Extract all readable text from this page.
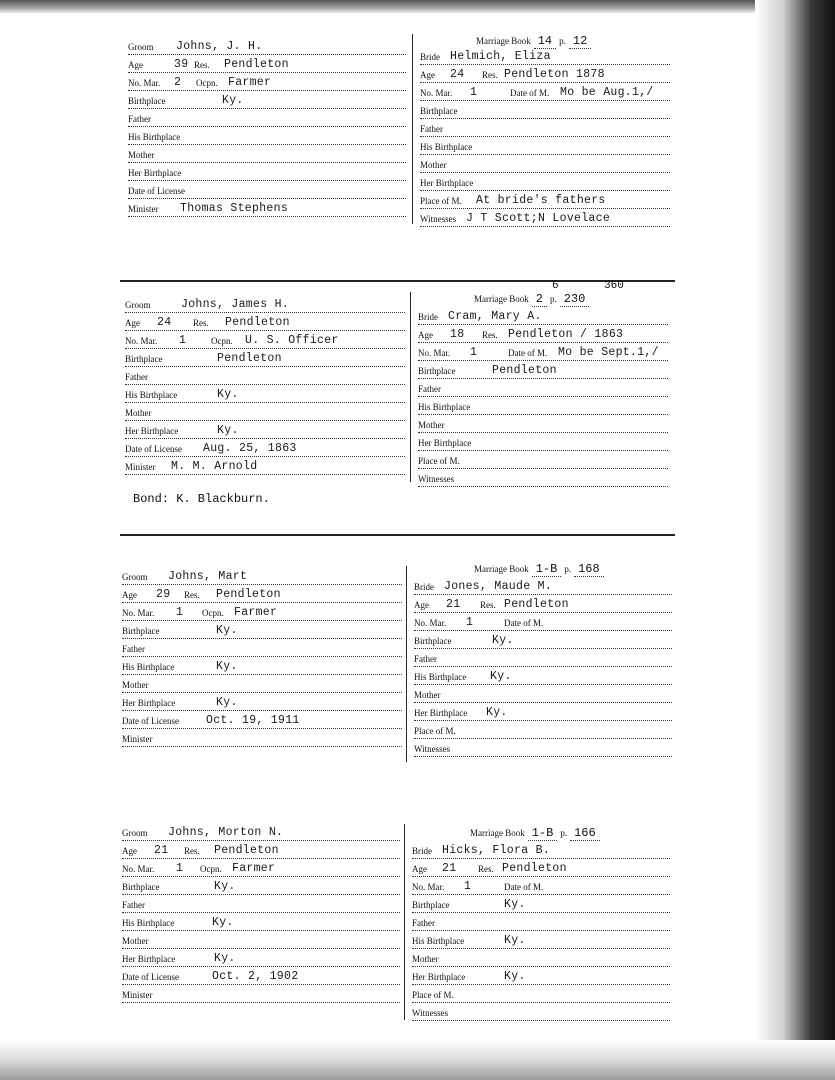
Groom Johns, J. H.
Age	39 Res. Pendleton
No. Mar. 2 Ocpn. Farmer
Birthplace	Ky.
Father
His Birthplace
Mother
Her Birthplace
Date of License
Minister Thomas Stephens
Marriage Book 14 p. 12
Bride Helmich, Eliza
Age 24 Res. Pendleton 1878
No. Mar. 1	Date of M. Mo be Aug.1,/
Birthplace
Father
His Birthplace
Mother
Her Birthplace
Place of M. At bride's fathers
Witnesses J T Scott;N Lovelace
Groom	Johns, James H.
Age 24 Res. Pendleton
No. Mar. 1	Ocpn. U. S. Officer
Birthplace	Pendleton
Father
His Birthplace	Ky.
Mother
Her Birthplace	Ky.
Date of License Aug. 25, 1863
Minister M. M. Arnold
Bond: K. Blackburn.
6	360
Marriage Book 2 p. 230
Bride Cram, Mary A.
Age 18 Res. Pendleton / 1863
No. Mar. 1	Date of M. Mo be Sept.1,/
Birthplace	Pendleton
Father
His Birthplace
Mother
Her Birthplace
Place of M.
Witnesses
Groom Johns, Mart
Age 29 Res. Pendleton
No. Mar. 1 Ocpn. Farmer
Birthplace	Ky.
Father
His Birthplace	Ky.
Mother
Her Birthplace	Ky.
Date of License Oct. 19, 1911
Minister
Marriage Book 1-B p. 168
Bride Jones, Maude M.
Age 21 Res. Pendleton
No. Mar. 1	Date of M.
Birthplace	Ky.
Father
His Birthplace Ky.
Mother
Her Birthplace Ky.
Place of M.
Witnesses
Groom Johns, Morton N.
Age 21 Res. Pendleton
No. Mar. 1 Ocpn. Farmer
Birthplace	Ky.
Father
His Birthplace	Ky.
Mother
Her Birthplace	Ky.
Date of License	Oct. 2, 1902
Minister
Marriage Book 1-B p. 166
Bride Hicks, Flora B.
Age 21 Res. Pendleton
No. Mar. 1	Date of M.
Birthplace	Ky.
Father
His Birthplace	Ky.
Mother
Her Birthplace	Ky.
Place of M.
Witnesses
